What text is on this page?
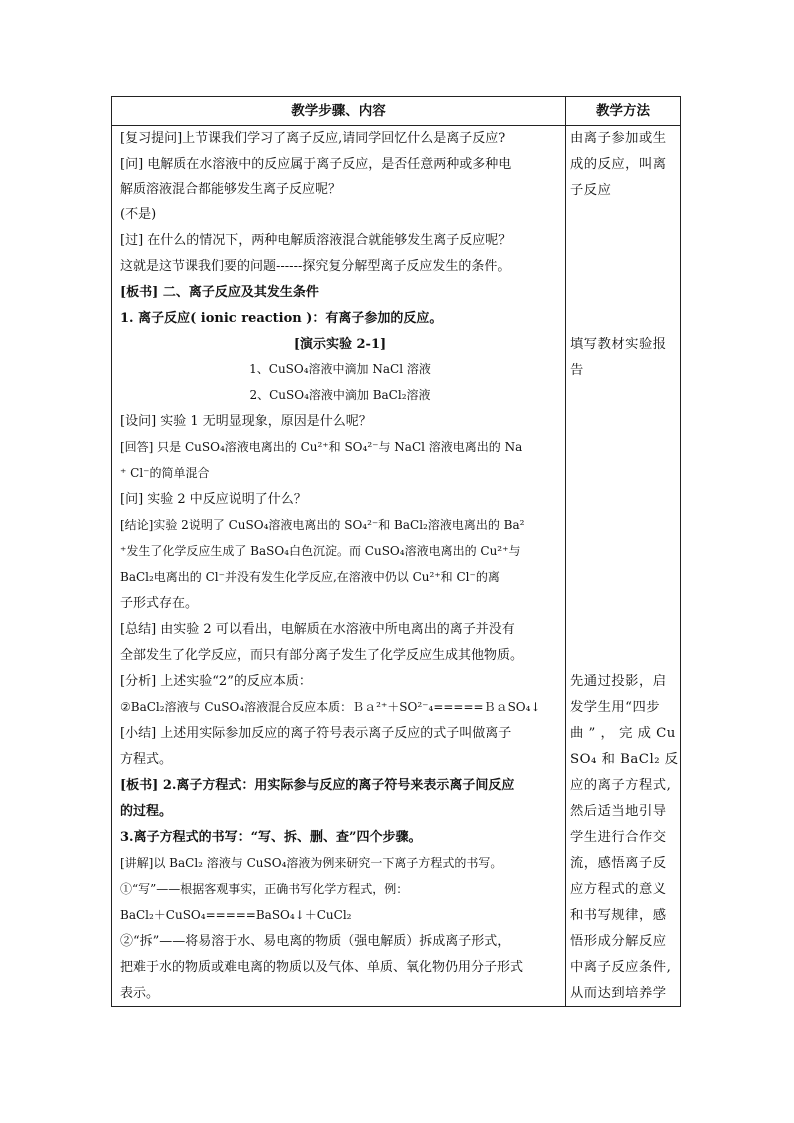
教学步骤、内容	教学方法
[复习提问]上节课我们学习了离子反应,请同学回忆什么是离子反应?
[问] 电解质在水溶液中的反应属于离子反应，是否任意两种或多种电
解质溶液混合都能够发生离子反应呢？
(不是)
[过] 在什么的情况下，两种电解质溶液混合就能够发生离子反应呢？
这就是这节课我们要的问题------探究复分解型离子反应发生的条件。
[板书] 二、离子反应及其发生条件
1. 离子反应( ionic reaction )：有离子参加的反应。
[演示实验 2-1]
1、CuSO₄溶液中滴加 NaCl 溶液
2、CuSO₄溶液中滴加 BaCl₂溶液
[设问] 实验 1 无明显现象，原因是什么呢？
[回答] 只是 CuSO₄溶液电离出的 Cu²⁺和 SO₄²⁻与 NaCl 溶液电离出的 Na
⁺ Cl⁻的简单混合
[问] 实验 2 中反应说明了什么？
[结论]实验 2说明了 CuSO₄溶液电离出的 SO₄²⁻和 BaCl₂溶液电离出的 Ba²
⁺发生了化学反应生成了 BaSO₄白色沉淀。而 CuSO₄溶液电离出的 Cu²⁺与
BaCl₂电离出的 Cl⁻并没有发生化学反应,在溶液中仍以 Cu²⁺和 Cl⁻的离
子形式存在。
[总结] 由实验 2 可以看出，电解质在水溶液中所电离出的离子并没有
全部发生了化学反应，而只有部分离子发生了化学反应生成其他物质。
[分析] 上述实验“2”的反应本质：
②BaCl₂溶液与 CuSO₄溶液混合反应本质：Ｂａ²⁺＋SO²⁻₄=====ＢａSO₄↓
[小结] 上述用实际参加反应的离子符号表示离子反应的式子叫做离子
方程式。
[板书] 2.离子方程式：用实际参与反应的离子符号来表示离子间反应
的过程。
3.离子方程式的书写：“写、拆、删、查”四个步骤。
[讲解]以 BaCl₂ 溶液与 CuSO₄溶液为例来研究一下离子方程式的书写。
①“写”——根据客观事实，正确书写化学方程式，例：
BaCl₂＋CuSO₄=====BaSO₄↓＋CuCl₂
②“拆”——将易溶于水、易电离的物质（强电解质）拆成离子形式，
把难于水的物质或难电离的物质以及气体、单质、氧化物仍用分子形式
表示。
由离子参加或生
成的反应，叫离
子反应
填写教材实验报
告
先通过投影，启
发学生用“四步
曲 ” ， 完 成 Cu
SO₄ 和 BaCl₂ 反
应的离子方程式,
然后适当地引导
学生进行合作交
流，感悟离子反
应方程式的意义
和书写规律，感
悟形成分解反应
中离子反应条件,
从而达到培养学
